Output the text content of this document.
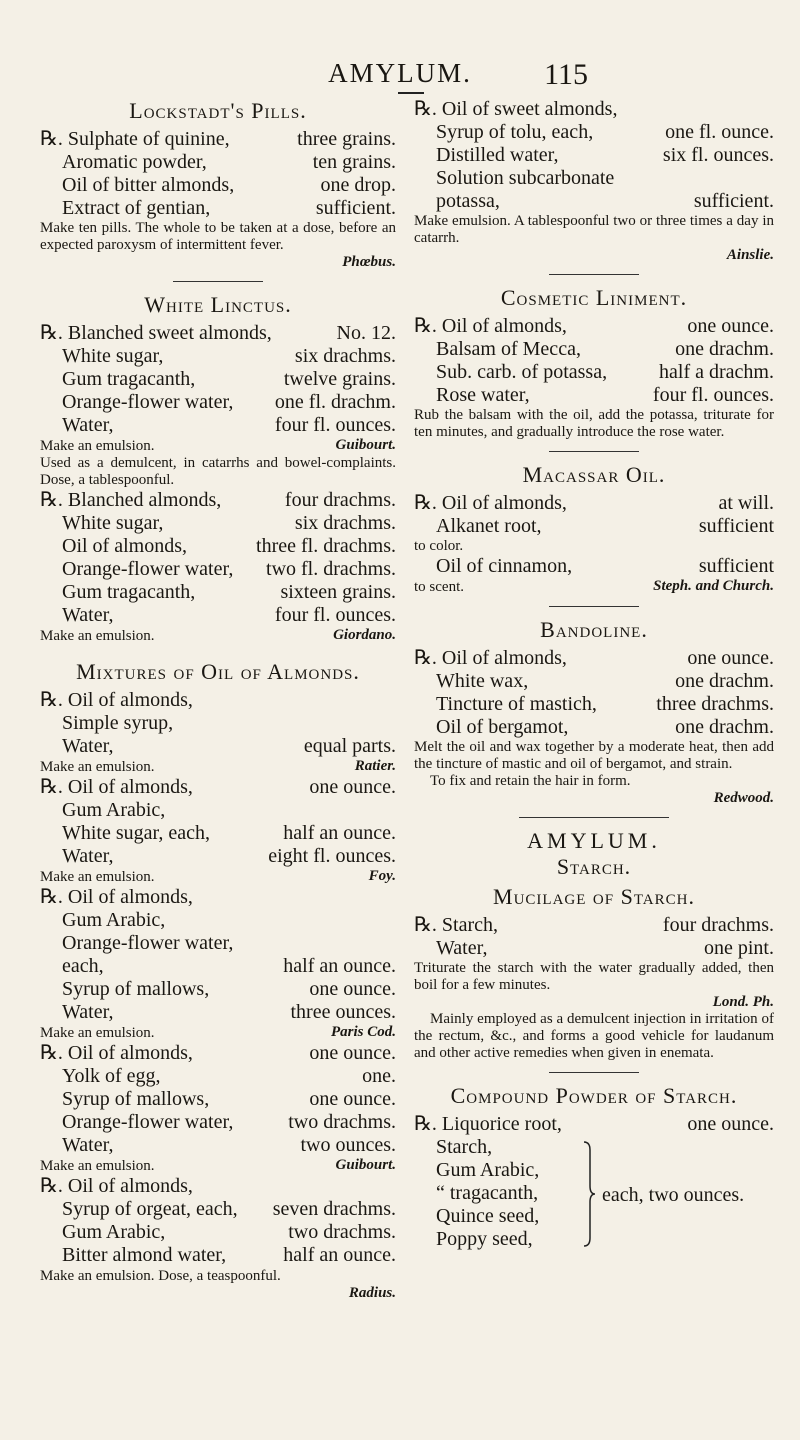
AMYLUM.	115
Lockstadt's Pills.
℞. Sulphate of quinine,	three grains.
Aromatic powder,	ten grains.
Oil of bitter almonds,	one drop.
Extract of gentian,	sufficient.
Make ten pills. The whole to be taken at a dose, before an expected paroxysm of intermittent fever.
Phœbus.
White Linctus.
℞. Blanched sweet almonds,	No. 12.
White sugar,	six drachms.
Gum tragacanth,	twelve grains.
Orange-flower water, one fl. drachm.
Water,	four fl. ounces.
Make an emulsion.	Guibourt.
Used as a demulcent, in catarrhs and bowel-complaints. Dose, a tablespoonful.
℞. Blanched almonds,	four drachms.
White sugar,	six drachms.
Oil of almonds,	three fl. drachms.
Orange-flower water, two fl. drachms.
Gum tragacanth,	sixteen grains.
Water,	four fl. ounces.
Make an emulsion.	Giordano.
Mixtures of Oil of Almonds.
℞. Oil of almonds,
Simple syrup,
Water,	equal parts.
Make an emulsion.	Ratier.
℞. Oil of almonds,	one ounce.
Gum Arabic,
White sugar, each,	half an ounce.
Water,	eight fl. ounces.
Make an emulsion.	Foy.
℞. Oil of almonds,
Gum Arabic,
Orange-flower water,
each,	half an ounce.
Syrup of mallows,	one ounce.
Water,	three ounces.
Make an emulsion.	Paris Cod.
℞. Oil of almonds,	one ounce.
Yolk of egg,	one.
Syrup of mallows,	one ounce.
Orange-flower water,	two drachms.
Water,	two ounces.
Make an emulsion.	Guibourt.
℞. Oil of almonds,
Syrup of orgeat, each, seven drachms.
Gum Arabic,	two drachms.
Bitter almond water,	half an ounce.
Make an emulsion. Dose, a teaspoonful.
Radius.
℞. Oil of sweet almonds,
Syrup of tolu, each,	one fl. ounce.
Distilled water,	six fl. ounces.
Solution subcarbonate
potassa,	sufficient.
Make emulsion. A tablespoonful two or three times a day in catarrh.
Ainslie.
Cosmetic Liniment.
℞. Oil of almonds,	one ounce.
Balsam of Mecca,	one drachm.
Sub. carb. of potassa,	half a drachm.
Rose water,	four fl. ounces.
Rub the balsam with the oil, add the potassa, triturate for ten minutes, and gradually introduce the rose water.
Macassar Oil.
℞. Oil of almonds,	at will.
Alkanet root,	sufficient
to color.
Oil of cinnamon,	sufficient
to scent.	Steph. and Church.
Bandoline.
℞. Oil of almonds,	one ounce.
White wax,	one drachm.
Tincture of mastich,	three drachms.
Oil of bergamot,	one drachm.
Melt the oil and wax together by a moderate heat, then add the tincture of mastic and oil of bergamot, and strain.
To fix and retain the hair in form.
Redwood.
AMYLUM.
Starch.
Mucilage of Starch.
℞. Starch,	four drachms.
Water,	one pint.
Triturate the starch with the water gradually added, then boil for a few minutes.
Lond. Ph.
Mainly employed as a demulcent injection in irritation of the rectum, &c., and forms a good vehicle for laudanum and other active remedies when given in enemata.
Compound Powder of Starch.
℞. Liquorice root,	one ounce.
Starch,
Gum Arabic,
“ tragacanth,
Quince seed,
Poppy seed,
each, two ounces.
